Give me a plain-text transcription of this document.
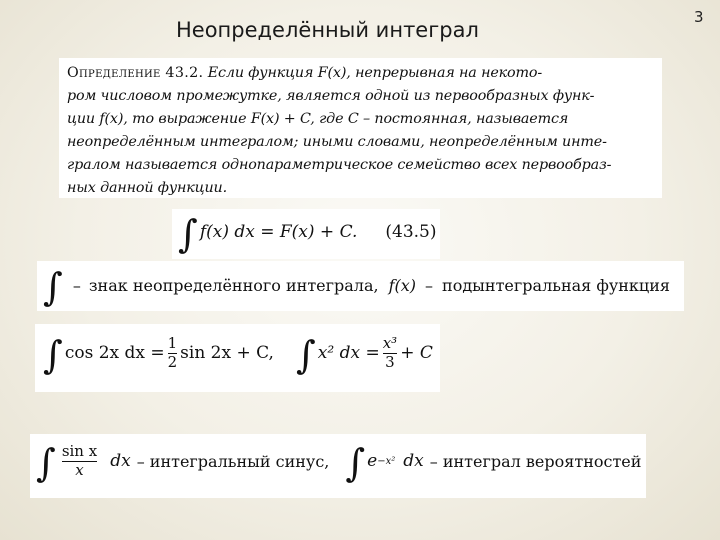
Неопределённый интеграл
3
Определение 43.2. Если функция F(x), непрерывная на некото-
ром числовом промежутке, является одной из первообразных функ-
ции f(x), то выражение F(x) + C, где C – постоянная, называется
неопределённым интегралом; иными словами, неопределённым инте-
гралом называется однопараметрическое семейство всех первообраз-
ных данной функции.
∫ f(x) dx = F(x) + C. (43.5)
∫ – знак неопределённого интеграла, f(x) – подынтегральная функция
∫ cos 2x dx = $\frac{1}{2}$ sin 2x + C, ∫ x² dx = $\frac{\text{x³}}{3} + C$
∫ $\frac{\text{sin x}}{x}$ dx – интегральный синус, ∫ e −x² dx – интеграл вероятностей
